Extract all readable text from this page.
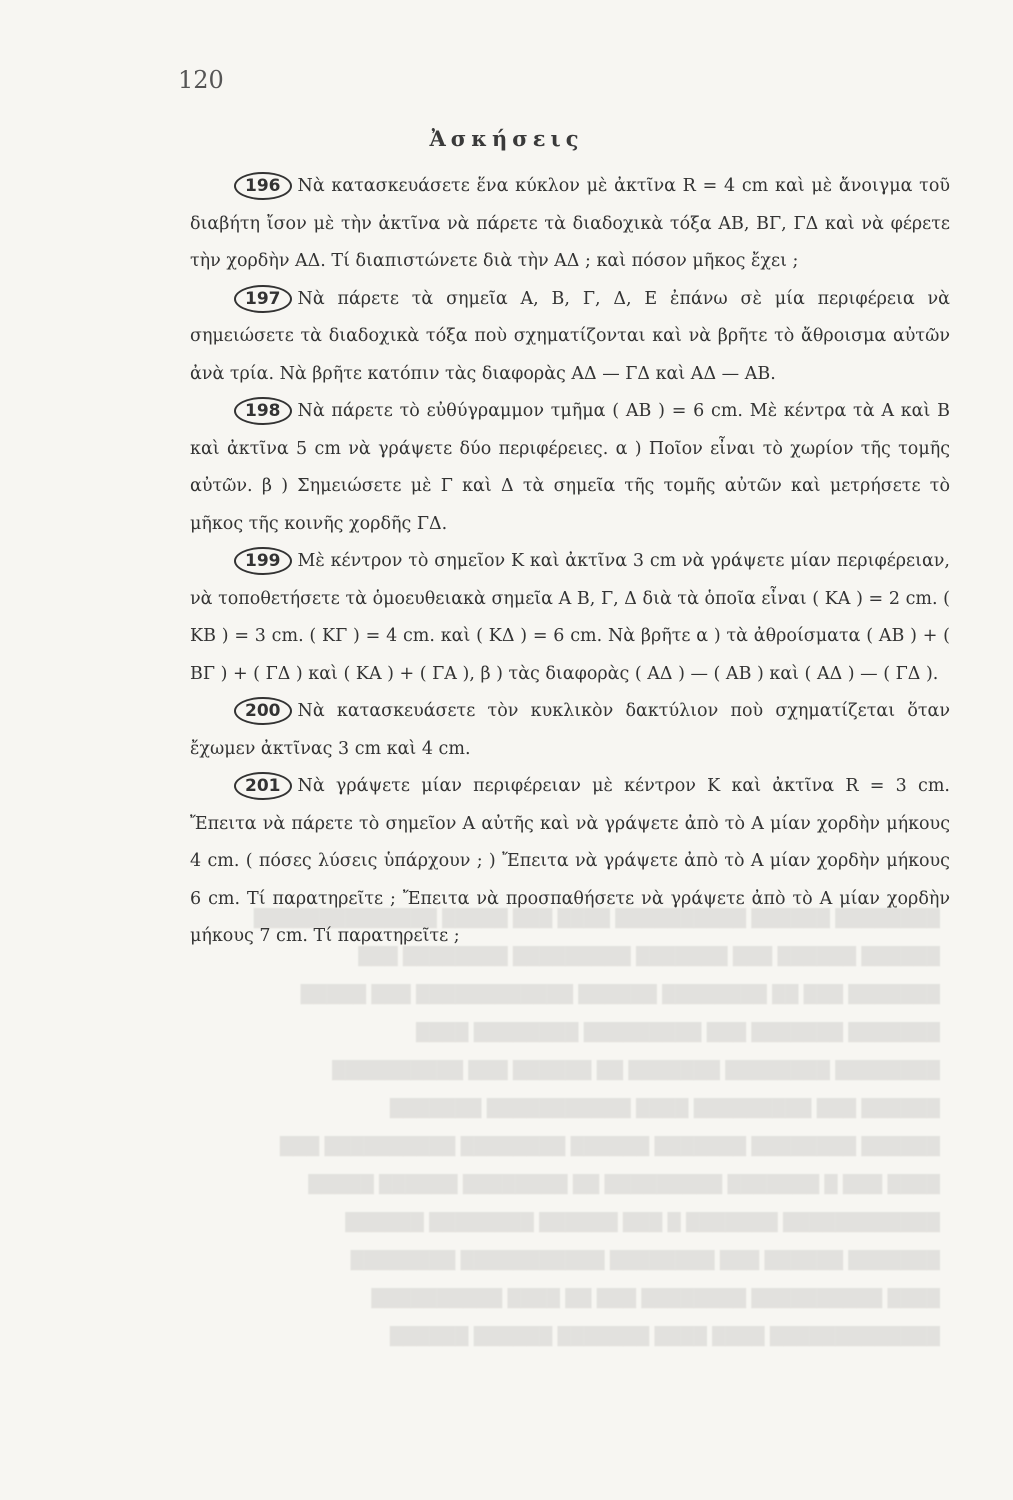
120
Ἀσκήσεις

196 Νὰ κατασκευάσετε ἕνα κύκλον μὲ ἀκτῖνα R = 4 cm καὶ μὲ ἄνοιγμα τοῦ διαβήτη ἴσον μὲ τὴν ἀκτῖνα νὰ πάρετε τὰ διαδοχικὰ τόξα ΑΒ, ΒΓ, ΓΔ καὶ νὰ φέρετε τὴν χορδὴν ΑΔ. Τί διαπιστώνετε διὰ τὴν ΑΔ ; καὶ πόσον μῆκος ἔχει ;

197 Νὰ πάρετε τὰ σημεῖα Α, Β, Γ, Δ, Ε ἐπάνω σὲ μία περιφέρεια νὰ σημειώσετε τὰ διαδοχικὰ τόξα ποὺ σχηματίζονται καὶ νὰ βρῆτε τὸ ἄθροισμα αὐτῶν ἀνὰ τρία. Νὰ βρῆτε κατόπιν τὰς διαφορὰς ΑΔ — ΓΔ καὶ ΑΔ — ΑΒ.

198 Νὰ πάρετε τὸ εὐθύγραμμον τμῆμα ( ΑΒ ) = 6 cm. Μὲ κέντρα τὰ Α καὶ Β καὶ ἀκτῖνα 5 cm νὰ γράψετε δύο περιφέρειες. α ) Ποῖον εἶναι τὸ χωρίον τῆς τομῆς αὐτῶν. β ) Σημειώσετε μὲ Γ καὶ Δ τὰ σημεῖα τῆς τομῆς αὐτῶν καὶ μετρήσετε τὸ μῆκος τῆς κοινῆς χορδῆς ΓΔ.

199 Μὲ κέντρον τὸ σημεῖον Κ καὶ ἀκτῖνα 3 cm νὰ γράψετε μίαν περιφέρειαν, νὰ τοποθετήσετε τὰ ὁμοευθειακὰ σημεῖα Α Β, Γ, Δ διὰ τὰ ὁποῖα εἶναι ( ΚΑ ) = 2 cm. ( ΚΒ ) = 3 cm. ( ΚΓ ) = 4 cm. καὶ ( ΚΔ ) = 6 cm. Νὰ βρῆτε α ) τὰ ἀθροίσματα ( ΑΒ ) + ( ΒΓ ) + ( ΓΔ ) καὶ ( ΚΑ ) + ( ΓΑ ), β ) τὰς διαφορὰς ( ΑΔ ) — ( ΑΒ ) καὶ ( ΑΔ ) — ( ΓΔ ).

200 Νὰ κατασκευάσετε τὸν κυκλικὸν δακτύλιον ποὺ σχηματίζεται ὅταν ἔχωμεν ἀκτῖνας 3 cm καὶ 4 cm.

201 Νὰ γράψετε μίαν περιφέρειαν μὲ κέντρον Κ καὶ ἀκτῖνα R = 3 cm. Ἔπειτα νὰ πάρετε τὸ σημεῖον Α αὐτῆς καὶ νὰ γράψετε ἀπὸ τὸ Α μίαν χορδὴν μήκους 4 cm. ( πόσες λύσεις ὑπάρχουν ; ) Ἔπειτα νὰ γράψετε ἀπὸ τὸ Α μίαν χορδὴν μήκους 6 cm. Τί παρατηρεῖτε ; Ἔπειτα νὰ προσπαθήσετε νὰ γράψετε ἀπὸ τὸ Α μίαν χορδὴν μήκους 7 cm. Τί παρατηρεῖτε ;

████████ ██████ ██████████ ████ ███ █████ ██████████████

██████ ██████ ███ ███████ █████████ ████████ ███

███████ ███ ██ ████████ ██████ ████████████ ███ █████

███████ ███████ ███ █████████ ████████ ████

████████ ████████ ███████ ██ ██████ ███ ██████████

██████ ███ █████████ ████ ███████████ ███████

██████ ████████ ███████ ██████ ████████ ██████████ ███

████ ███ █ ███████ █████████ ██ ████████ ██████ █████

████████████ ███████ █ ███ ██████ ████████ ██████

███████ ██████ ███ ████████ ███████████ ████████

████ ██████████ ████████ ███ ██ ████ ██████████

█████████████ ████ ████ ███████ ██████ ██████
